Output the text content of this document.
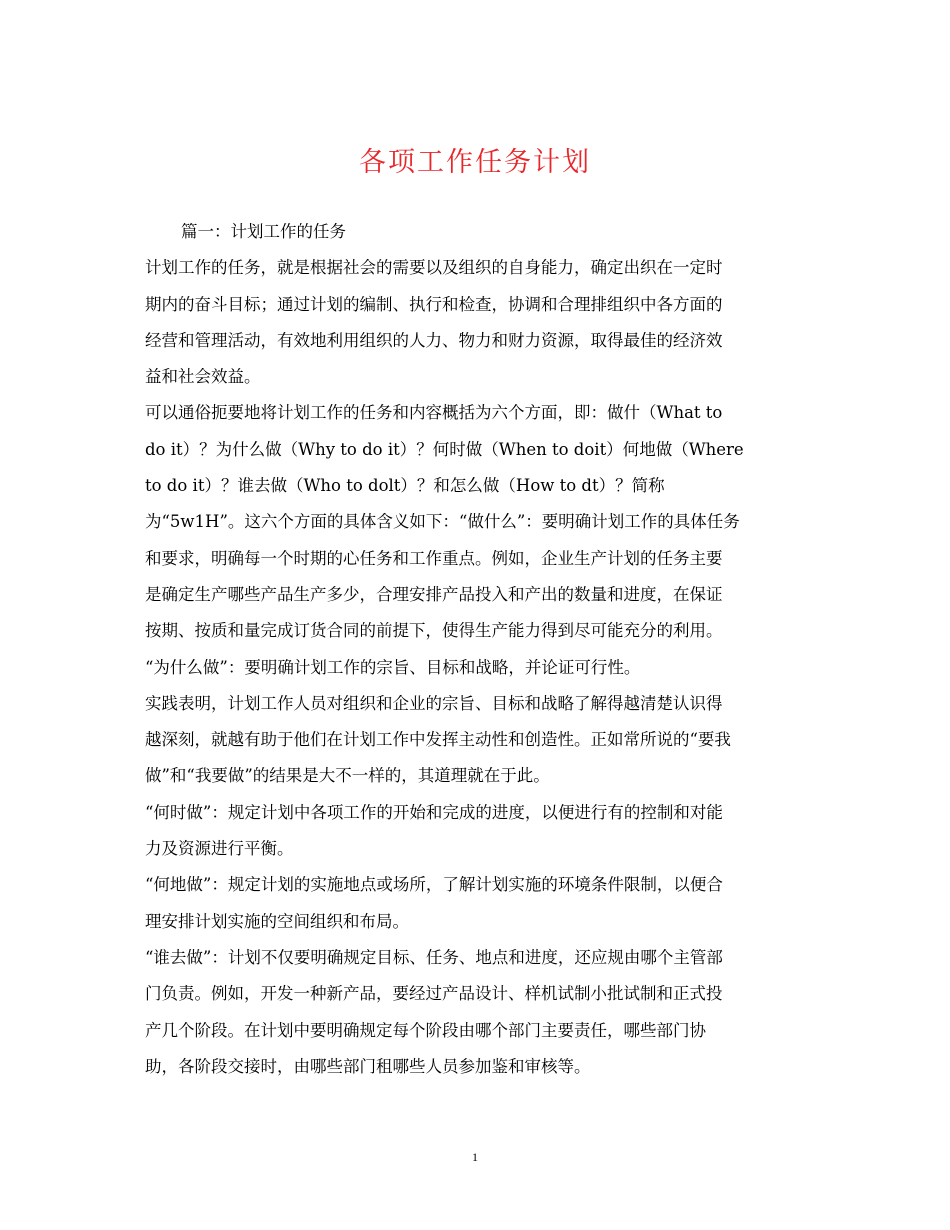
各项工作任务计划
篇一：计划工作的任务
计划工作的任务，就是根据社会的需要以及组织的自身能力，确定出织在一定时
期内的奋斗目标；通过计划的编制、执行和检查，协调和合理排组织中各方面的
经营和管理活动，有效地利用组织的人力、物力和财力资源，取得最佳的经济效
益和社会效益。
可以通俗扼要地将计划工作的任务和内容概括为六个方面，即：做什（What to
do it）？为什么做（Why to do it）？何时做（When to doit）何地做（Where
to do it）？谁去做（Who to dolt）？和怎么做（How to dt）？简称
为“5w1H”。这六个方面的具体含义如下：“做什么”：要明确计划工作的具体任务
和要求，明确每一个时期的心任务和工作重点。例如，企业生产计划的任务主要
是确定生产哪些产品生产多少，合理安排产品投入和产出的数量和进度，在保证
按期、按质和量完成订货合同的前提下，使得生产能力得到尽可能充分的利用。
“为什么做”：要明确计划工作的宗旨、目标和战略，并论证可行性。
实践表明，计划工作人员对组织和企业的宗旨、目标和战略了解得越清楚认识得
越深刻，就越有助于他们在计划工作中发挥主动性和创造性。正如常所说的“要我
做”和“我要做”的结果是大不一样的，其道理就在于此。
“何时做”：规定计划中各项工作的开始和完成的进度，以便进行有的控制和对能
力及资源进行平衡。
“何地做”：规定计划的实施地点或场所，了解计划实施的环境条件限制，以便合
理安排计划实施的空间组织和布局。
“谁去做”：计划不仅要明确规定目标、任务、地点和进度，还应规由哪个主管部
门负责。例如，开发一种新产品，要经过产品设计、样机试制小批试制和正式投
产几个阶段。在计划中要明确规定每个阶段由哪个部门主要责任，哪些部门协
助，各阶段交接时，由哪些部门租哪些人员参加鉴和审核等。
1
